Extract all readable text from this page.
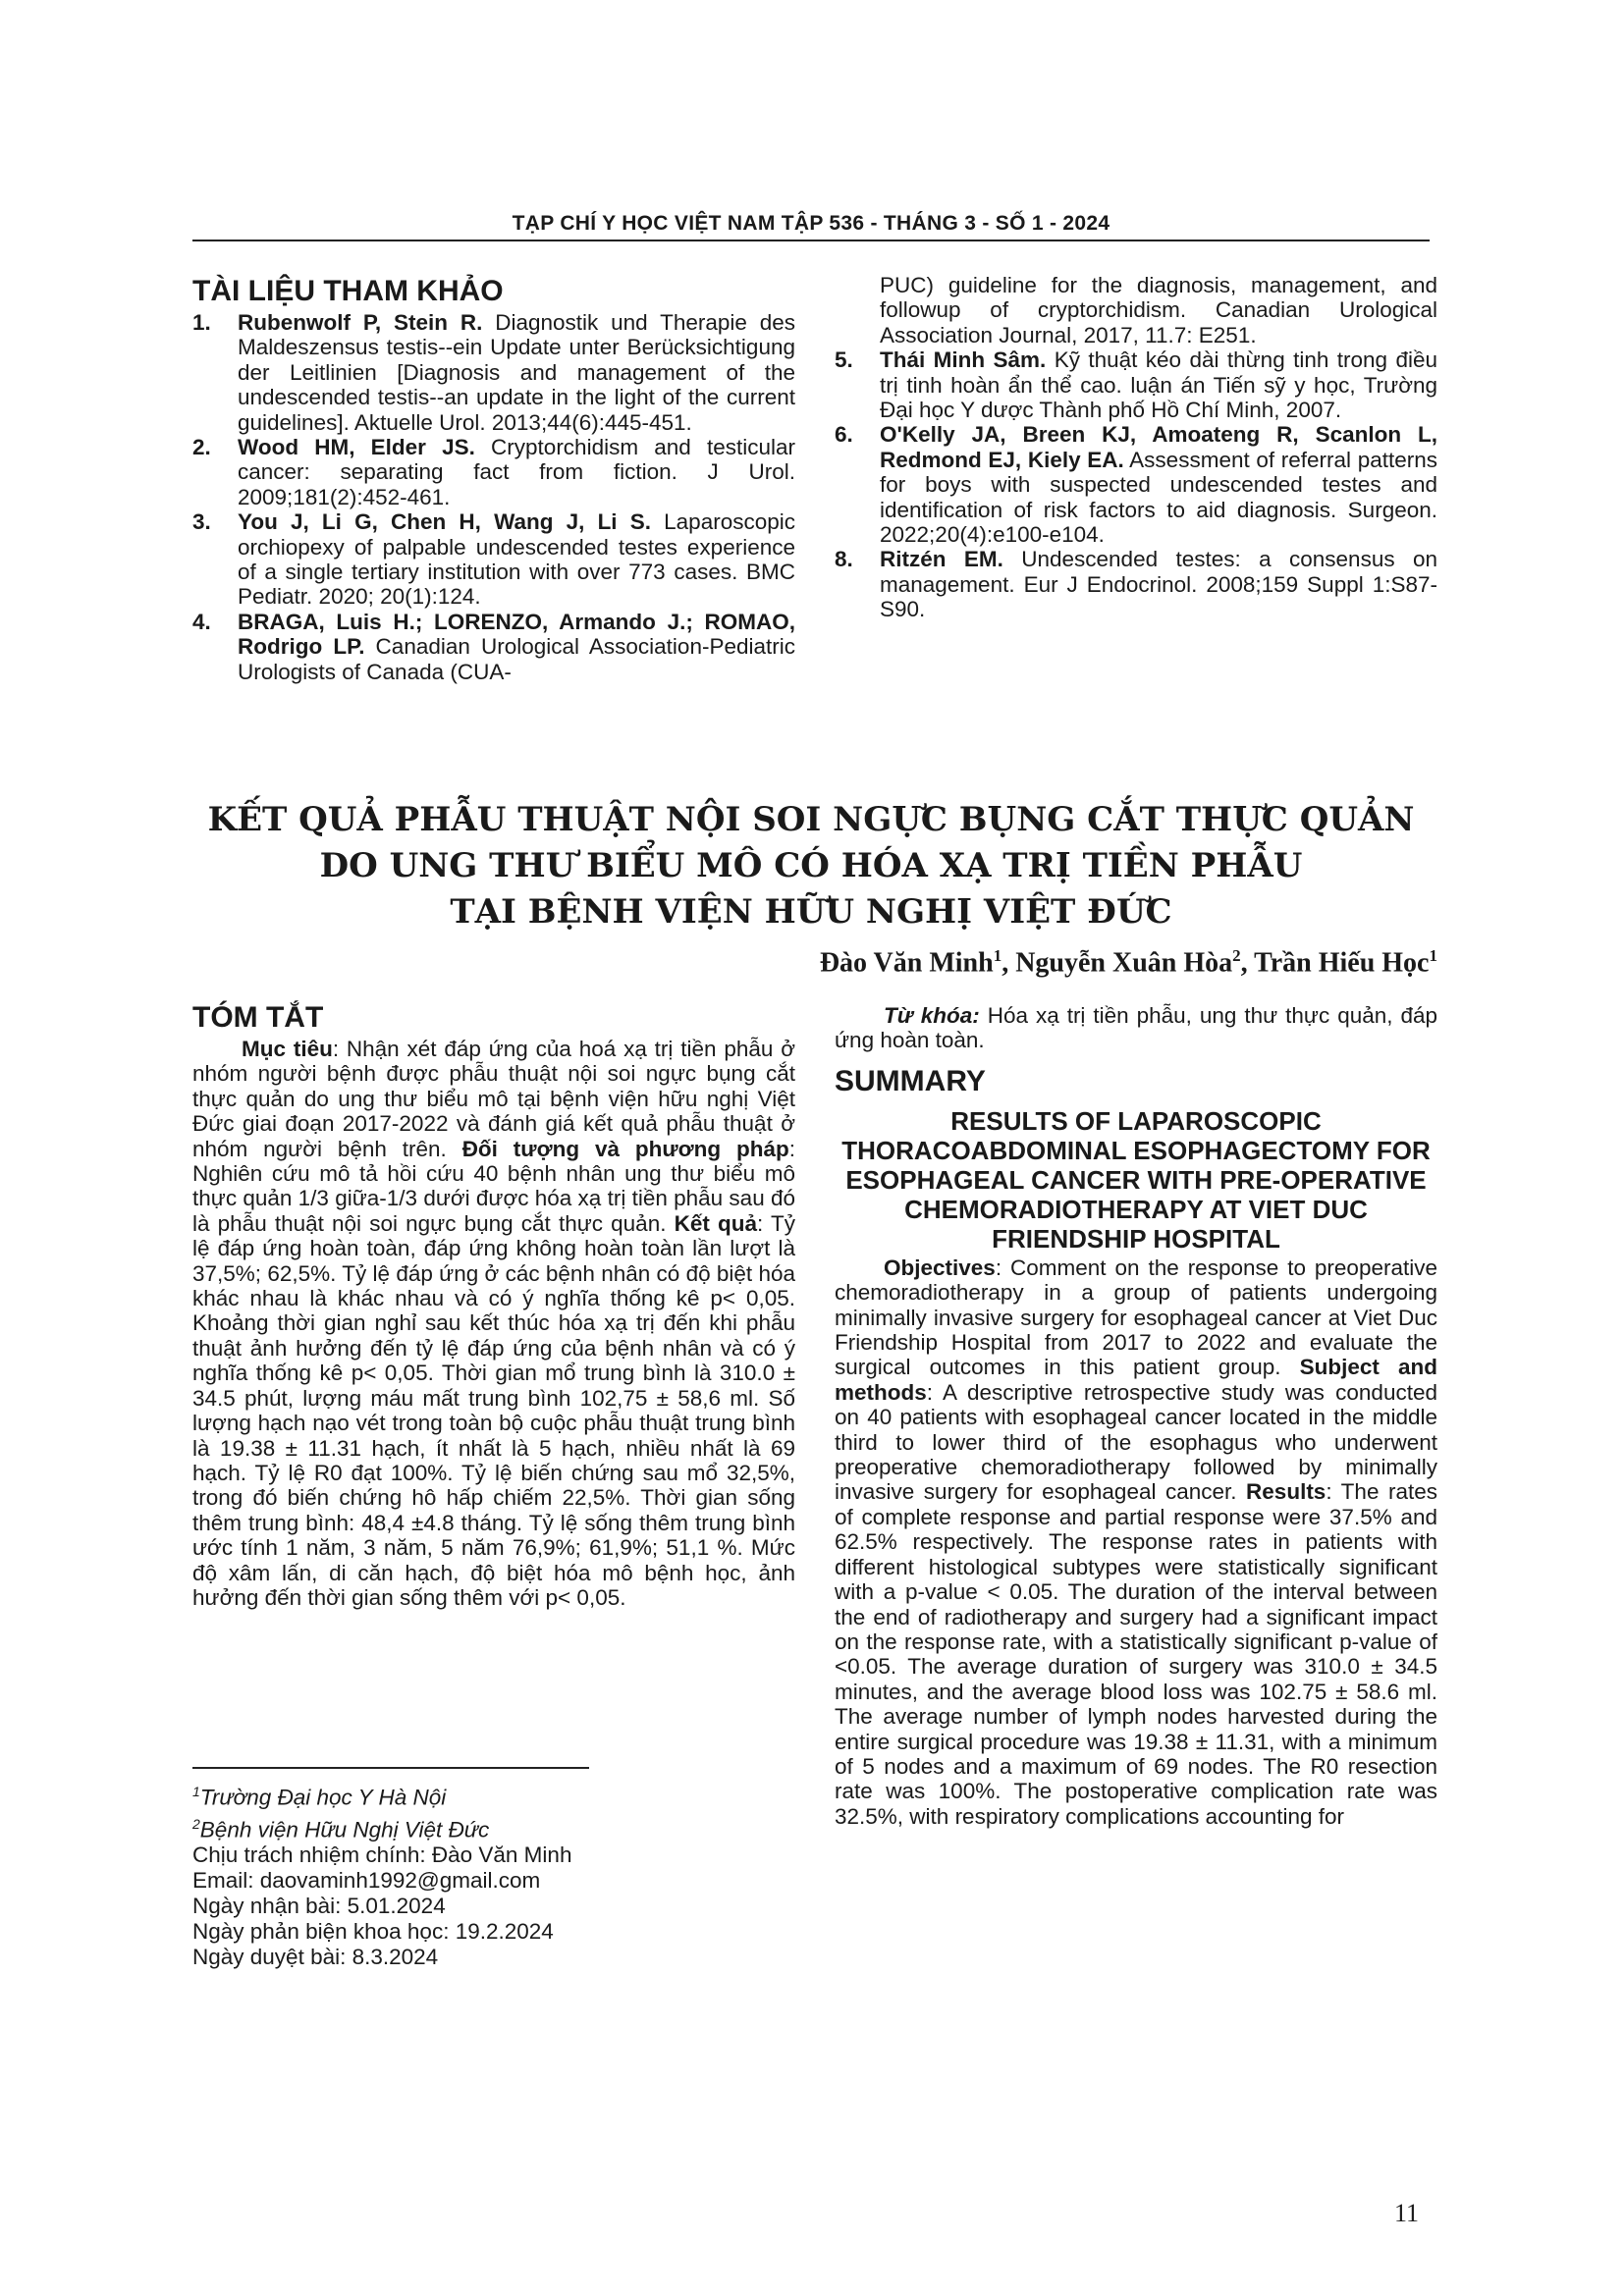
TẠP CHÍ Y HỌC VIỆT NAM TẬP 536 - THÁNG 3 - SỐ 1 - 2024
TÀI LIỆU THAM KHẢO
1.	Rubenwolf P, Stein R. Diagnostik und Therapie des Maldeszensus testis--ein Update unter Berücksichtigung der Leitlinien [Diagnosis and management of the undescended testis--an update in the light of the current guidelines]. Aktuelle Urol. 2013;44(6):445-451.
2.	Wood HM, Elder JS. Cryptorchidism and testicular cancer: separating fact from fiction. J Urol. 2009;181(2):452-461.
3.	You J, Li G, Chen H, Wang J, Li S. Laparoscopic orchiopexy of palpable undescended testes experience of a single tertiary institution with over 773 cases. BMC Pediatr. 2020; 20(1):124.
4.	BRAGA, Luis H.; LORENZO, Armando J.; ROMAO, Rodrigo LP. Canadian Urological Association-Pediatric Urologists of Canada (CUA-
PUC) guideline for the diagnosis, management, and followup of cryptorchidism. Canadian Urological Association Journal, 2017, 11.7: E251.
5.	Thái Minh Sâm. Kỹ thuật kéo dài thừng tinh trong điều trị tinh hoàn ẩn thể cao. luận án Tiến sỹ y học, Trường Đại học Y dược Thành phố Hồ Chí Minh, 2007.
6.	O'Kelly JA, Breen KJ, Amoateng R, Scanlon L, Redmond EJ, Kiely EA. Assessment of referral patterns for boys with suspected undescended testes and identification of risk factors to aid diagnosis. Surgeon. 2022;20(4):e100-e104.
8.	Ritzén EM. Undescended testes: a consensus on management. Eur J Endocrinol. 2008;159 Suppl 1:S87-S90.
KẾT QUẢ PHẪU THUẬT NỘI SOI NGỰC BỤNG CẮT THỰC QUẢN
DO UNG THƯ BIỂU MÔ CÓ HÓA XẠ TRỊ TIỀN PHẪU
TẠI BỆNH VIỆN HỮU NGHỊ VIỆT ĐỨC
Đào Văn Minh$^1$, Nguyễn Xuân Hòa$^2$, Trần Hiếu Học$^1$
TÓM TẮT

Mục tiêu: Nhận xét đáp ứng của hoá xạ trị tiền phẫu ở nhóm người bệnh được phẫu thuật nội soi ngực bụng cắt thực quản do ung thư biểu mô tại bệnh viện hữu nghị Việt Đức giai đoạn 2017-2022 và đánh giá kết quả phẫu thuật ở nhóm người bệnh trên. Đối tượng và phương pháp: Nghiên cứu mô tả hồi cứu 40 bệnh nhân ung thư biểu mô thực quản 1/3 giữa-1/3 dưới được hóa xạ trị tiền phẫu sau đó là phẫu thuật nội soi ngực bụng cắt thực quản. Kết quả: Tỷ lệ đáp ứng hoàn toàn, đáp ứng không hoàn toàn lần lượt là 37,5%; 62,5%. Tỷ lệ đáp ứng ở các bệnh nhân có độ biệt hóa khác nhau là khác nhau và có ý nghĩa thống kê p< 0,05. Khoảng thời gian nghỉ sau kết thúc hóa xạ trị đến khi phẫu thuật ảnh hưởng đến tỷ lệ đáp ứng của bệnh nhân và có ý nghĩa thống kê p< 0,05. Thời gian mổ trung bình là 310.0 ± 34.5 phút, lượng máu mất trung bình 102,75 ± 58,6 ml. Số lượng hạch nạo vét trong toàn bộ cuộc phẫu thuật trung bình là 19.38 ± 11.31 hạch, ít nhất là 5 hạch, nhiều nhất là 69 hạch. Tỷ lệ R0 đạt 100%. Tỷ lệ biến chứng sau mổ 32,5%, trong đó biến chứng hô hấp chiếm 22,5%. Thời gian sống thêm trung bình: 48,4 ±4.8 tháng. Tỷ lệ sống thêm trung bình ước tính 1 năm, 3 năm, 5 năm 76,9%; 61,9%; 51,1 %. Mức độ xâm lấn, di căn hạch, độ biệt hóa mô bệnh học, ảnh hưởng đến thời gian sống thêm với p< 0,05.

$^1$Trường Đại học Y Hà Nội
$^2$Bệnh viện Hữu Nghị Việt Đức
Chịu trách nhiệm chính: Đào Văn Minh
Email: daovaminh1992@gmail.com
Ngày nhận bài: 5.01.2024
Ngày phản biện khoa học: 19.2.2024
Ngày duyệt bài: 8.3.2024

Từ khóa: Hóa xạ trị tiền phẫu, ung thư thực quản, đáp ứng hoàn toàn.

SUMMARY
RESULTS OF LAPAROSCOPIC THORACOABDOMINAL ESOPHAGECTOMY FOR ESOPHAGEAL CANCER WITH PRE-OPERATIVE CHEMORADIOTHERAPY AT VIET DUC FRIENDSHIP HOSPITAL

Objectives: Comment on the response to preoperative chemoradiotherapy in a group of patients undergoing minimally invasive surgery for esophageal cancer at Viet Duc Friendship Hospital from 2017 to 2022 and evaluate the surgical outcomes in this patient group. Subject and methods: A descriptive retrospective study was conducted on 40 patients with esophageal cancer located in the middle third to lower third of the esophagus who underwent preoperative chemoradiotherapy followed by minimally invasive surgery for esophageal cancer. Results: The rates of complete response and partial response were 37.5% and 62.5% respectively. The response rates in patients with different histological subtypes were statistically significant with a p-value < 0.05. The duration of the interval between the end of radiotherapy and surgery had a significant impact on the response rate, with a statistically significant p-value of <0.05. The average duration of surgery was 310.0 ± 34.5 minutes, and the average blood loss was 102.75 ± 58.6 ml. The average number of lymph nodes harvested during the entire surgical procedure was 19.38 ± 11.31, with a minimum of 5 nodes and a maximum of 69 nodes. The R0 resection rate was 100%. The postoperative complication rate was 32.5%, with respiratory complications accounting for

11
